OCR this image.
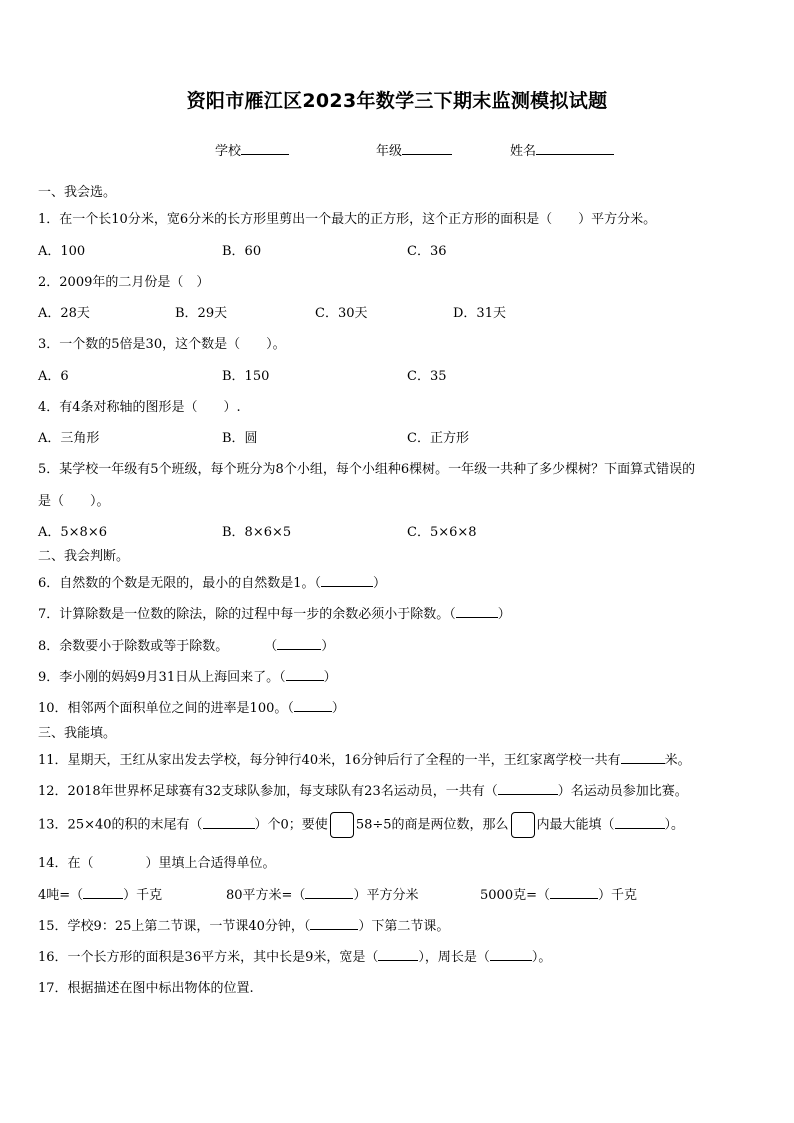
资阳市雁江区2023年数学三下期末监测模拟试题
学校	年级	姓名
一、我会选。
1．在一个长10分米，宽6分米的长方形里剪出一个最大的正方形，这个正方形的面积是（　　）平方分米。
A．100	B．60	C．36
2．2009年的二月份是（　）
A．28天	B．29天	C．30天	D．31天
3．一个数的5倍是30，这个数是（　　）。
A．6	B．150	C．35
4．有4条对称轴的图形是（　　）.
A．三角形	B．圆	C．正方形
5．某学校一年级有5个班级，每个班分为8个小组，每个小组种6棵树。一年级一共种了多少棵树？下面算式错误的
是（　　）。
A．5×8×6	B．8×6×5	C．5×6×8
二、我会判断。
6．自然数的个数是无限的，最小的自然数是1。（	）
7．计算除数是一位数的除法，除的过程中每一步的余数必须小于除数。（	）
8．余数要小于除数或等于除数。	（	）
9．李小刚的妈妈9月31日从上海回来了。（	）
10．相邻两个面积单位之间的进率是100。（	）
三、我能填。
11．星期天，王红从家出发去学校，每分钟行40米，16分钟后行了全程的一半，王红家离学校一共有	米。
12．2018年世界杯足球赛有32支球队参加，每支球队有23名运动员，一共有（	）名运动员参加比赛。
13．25×40的积的末尾有（	）个0；要使 58÷5的商是两位数，那么 内最大能填（	）。
14．在（　　　　）里填上合适得单位。
4吨=（	）千克	80平方米=（	）平方分米	5000克=（	）千克
15．学校9：25上第二节课，一节课40分钟，（	）下第二节课。
16．一个长方形的面积是36平方米，其中长是9米，宽是（	），周长是（	）。
17．根据描述在图中标出物体的位置.
